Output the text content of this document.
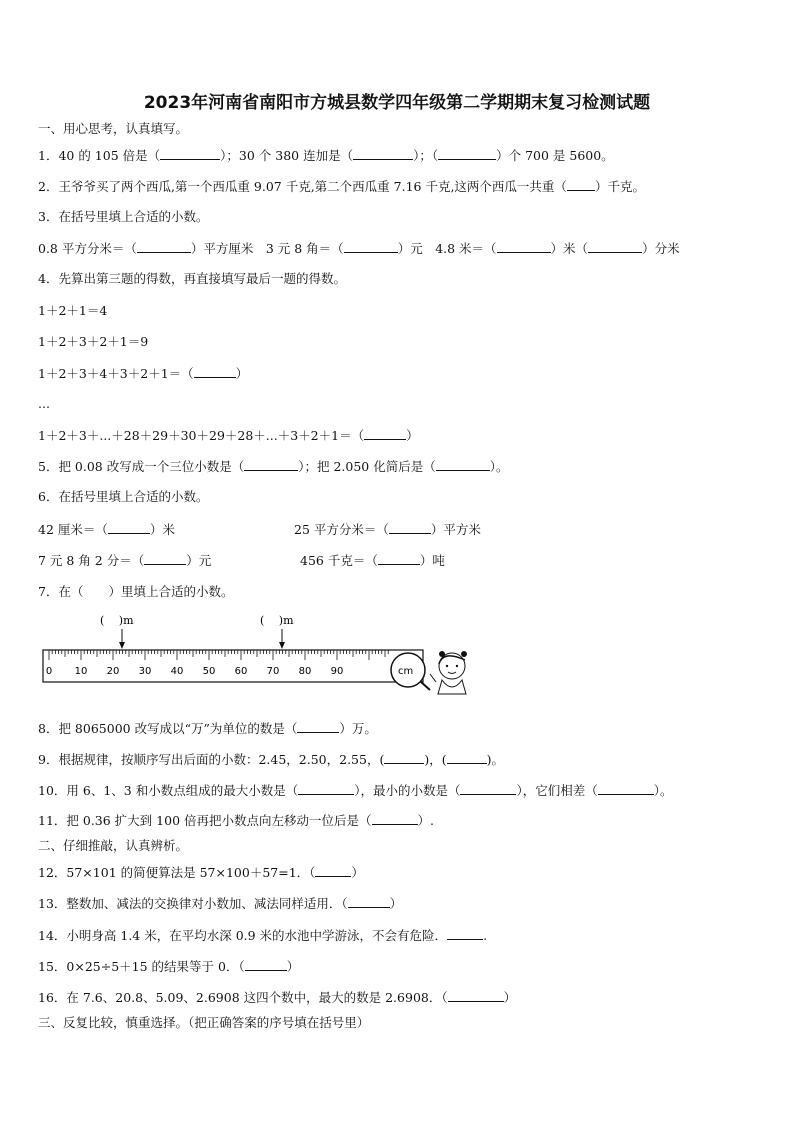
2023年河南省南阳市方城县数学四年级第二学期期末复习检测试题
一、用心思考，认真填写。
1．40 的 105 倍是（	）；30 个 380 连加是（	）；（	）个 700 是 5600。
2．王爷爷买了两个西瓜,第一个西瓜重 9.07 千克,第二个西瓜重 7.16 千克,这两个西瓜一共重（ ）千克。
3．在括号里填上合适的小数。
0.8 平方分米＝（	）平方厘米　3 元 8 角＝（	）元　4.8 米＝（	）米（	）分米
4．先算出第三题的得数，再直接填写最后一题的得数。
1＋2＋1＝4
1＋2＋3＋2＋1＝9
1＋2＋3＋4＋3＋2＋1＝（	）
...
1＋2＋3＋...＋28＋29＋30＋29＋28＋...＋3＋2＋1＝（	）
5．把 0.08 改写成一个三位小数是（	）；把 2.050 化简后是（	）。
6．在括号里填上合适的小数。
42 厘米＝（	）米	25 平方分米＝（	）平方米
7 元 8 角 2 分＝（	）元	456 千克＝（	）吨
7．在（　　）里填上合适的小数。
(　 )m	(　 )m
0 10 20 30 40 50 60 70 80 90	cm
8．把 8065000 改写成以“万”为单位的数是（	）万。
9．根据规律，按顺序写出后面的小数：2.45，2.50，2.55，(	)，(	)。
10．用 6、1、3 和小数点组成的最大小数是（	），最小的小数是（	），它们相差（	）。
11．把 0.36 扩大到 100 倍再把小数点向左移动一位后是（	）.
二、仔细推敲，认真辨析。
12．57×101 的简便算法是 57×100＋57=1．（	）
13．整数加、减法的交换律对小数加、减法同样适用．（	）
14．小明身高 1.4 米，在平均水深 0.9 米的水池中学游泳，不会有危险．	.
15．0×25÷5＋15 的结果等于 0．（	）
16．在 7.6、20.8、5.09、2.6908 这四个数中，最大的数是 2.6908．（	）
三、反复比较，慎重选择。（把正确答案的序号填在括号里）
